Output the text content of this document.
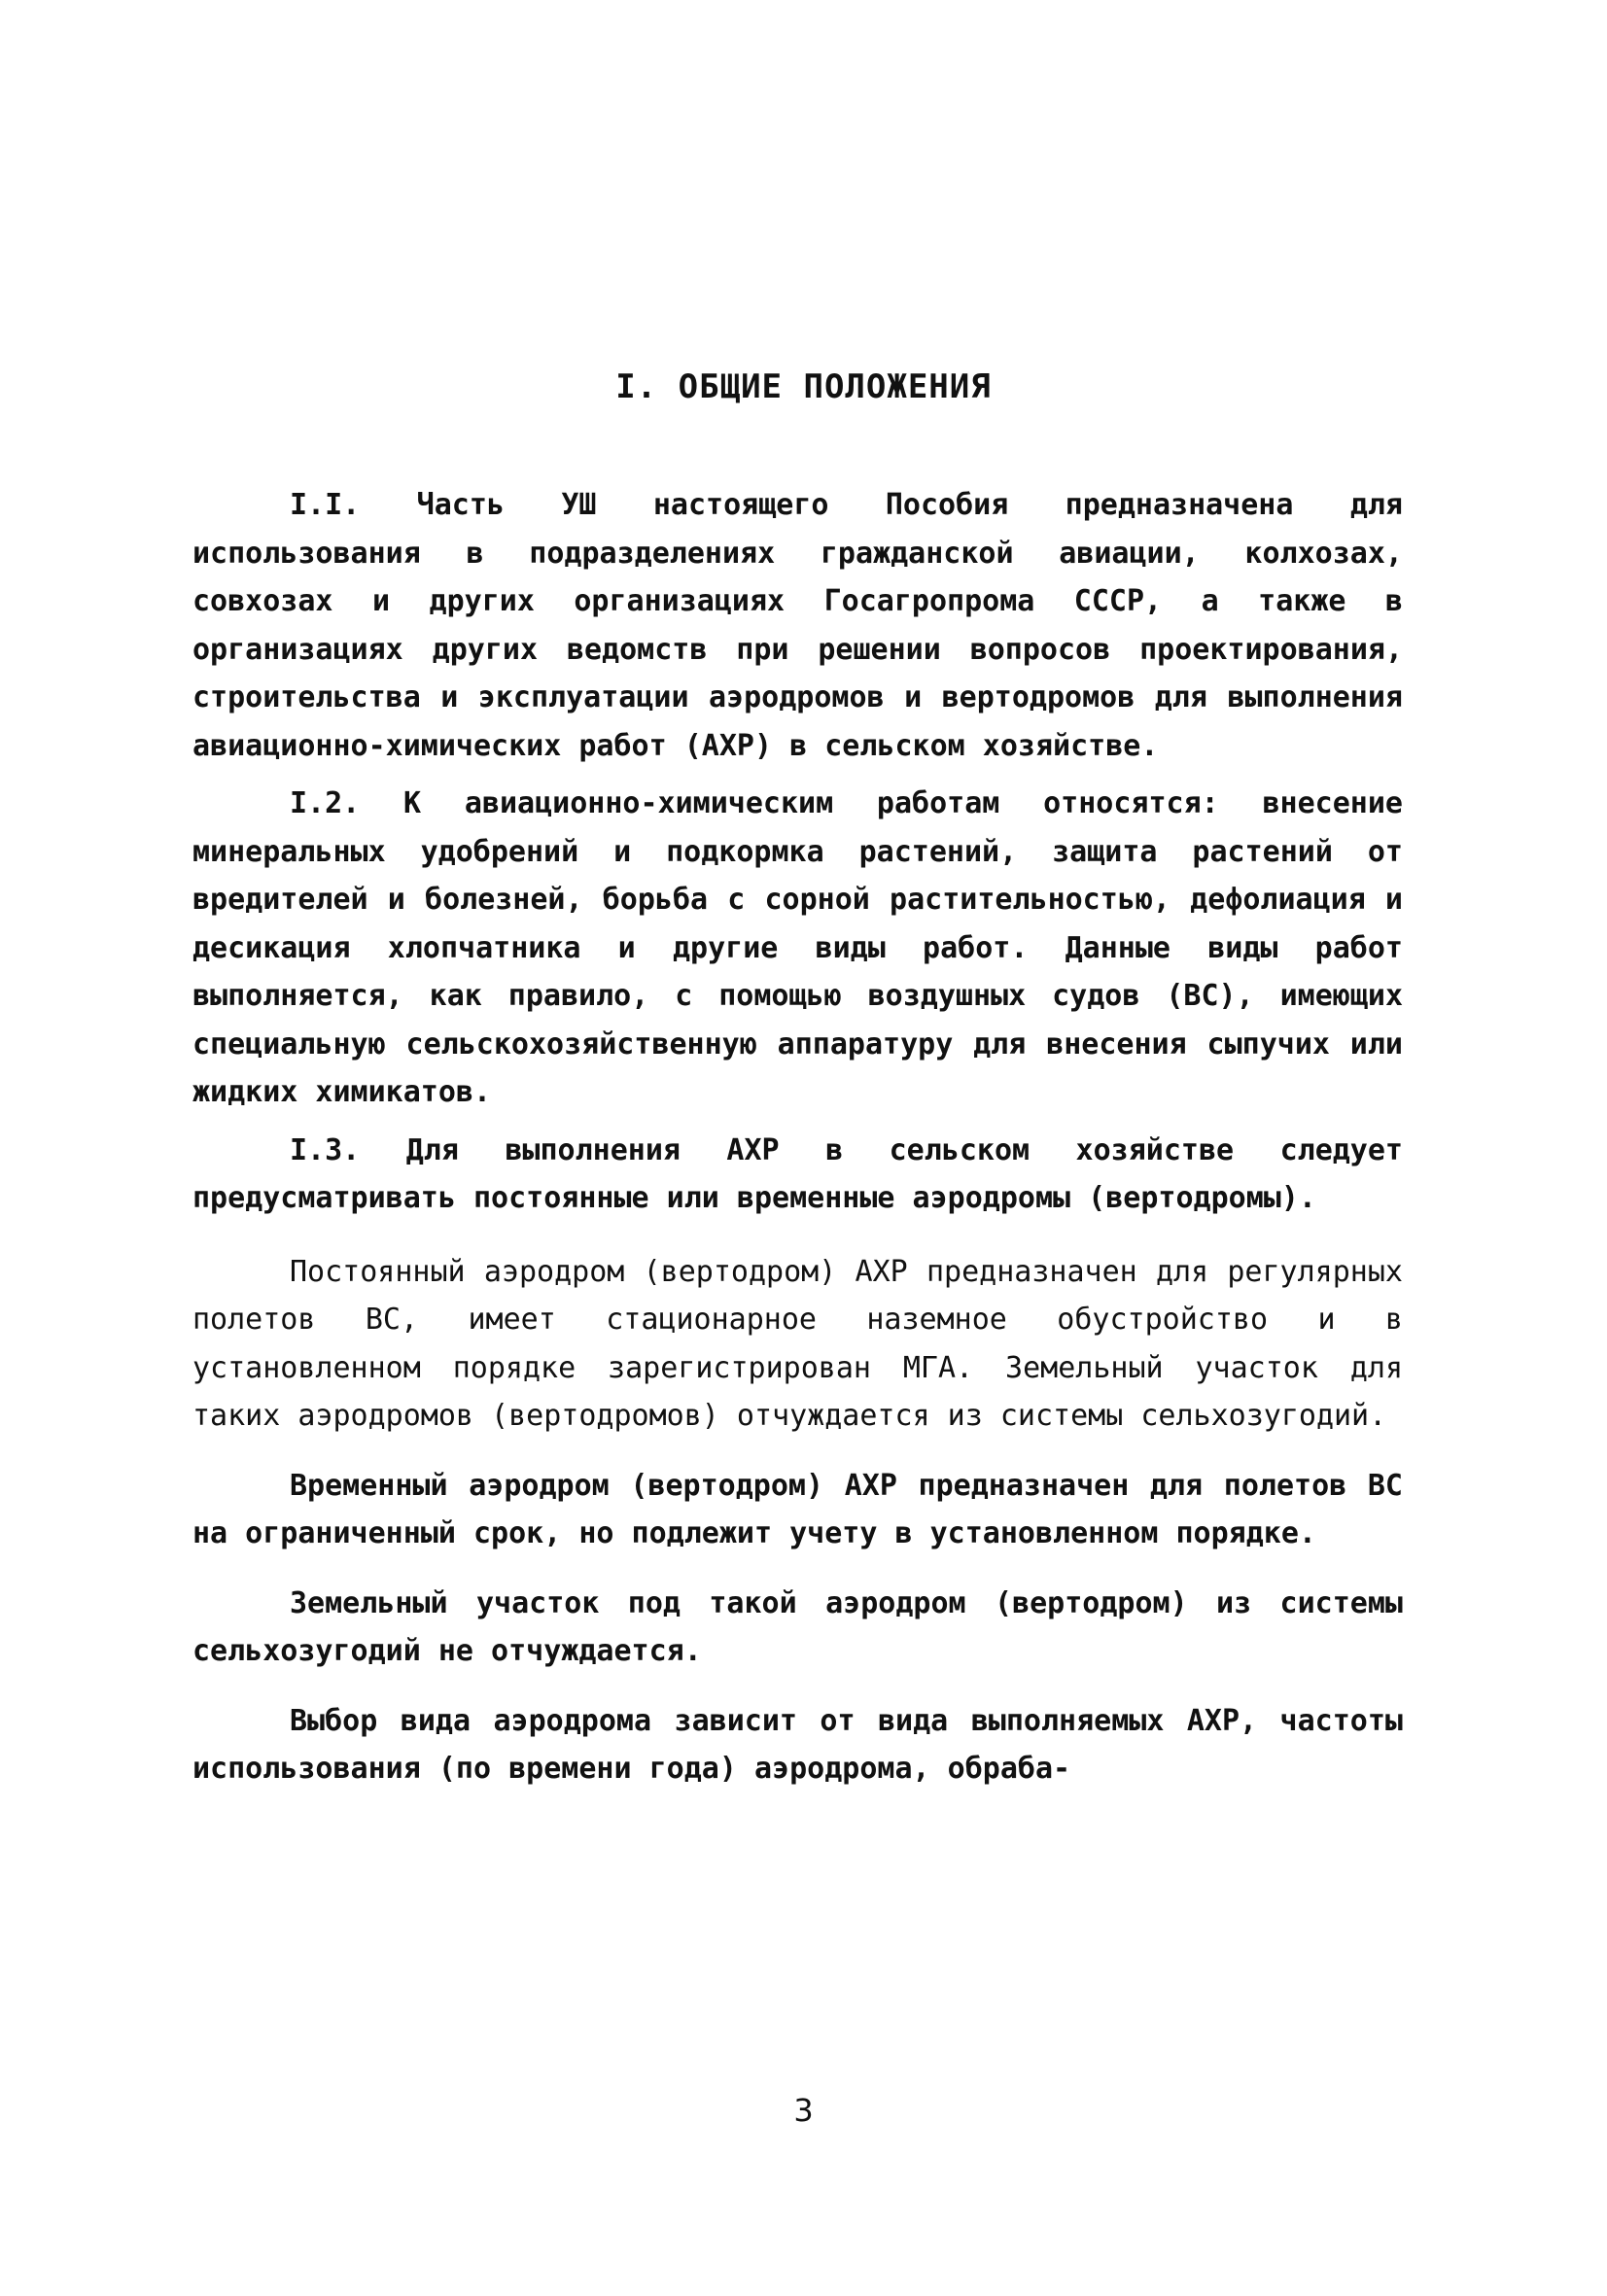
I. ОБЩИЕ ПОЛОЖЕНИЯ

I.I. Часть УШ настоящего Пособия предназначена для использования в подразделениях гражданской авиации, колхозах, совхозах и других организациях Госагропрома СССР, а также в организациях других ведомств при решении вопросов проектирования, строительства и эксплуатации аэродромов и вертодромов для выполнения авиационно-химических работ (АХР) в сельском хозяйстве.

I.2. К авиационно-химическим работам относятся: внесение минеральных удобрений и подкормка растений, защита растений от вредителей и болезней, борьба с сорной растительностью, дефолиация и десикация хлопчатника и другие виды работ. Данные виды работ выполняется, как правило, с помощью воздушных судов (ВС), имеющих специальную сельскохозяйственную аппаратуру для внесения сыпучих или жидких химикатов.

I.3. Для выполнения АХР в сельском хозяйстве следует предусматривать постоянные или временные аэродромы (вертодромы).

Постоянный аэродром (вертодром) АХР предназначен для регулярных полетов ВС, имеет стационарное наземное обустройство и в установленном порядке зарегистрирован МГА. Земельный участок для таких аэродромов (вертодромов) отчуждается из системы сельхозугодий.

Временный аэродром (вертодром) АХР предназначен для полетов ВС на ограниченный срок, но подлежит учету в установленном порядке.

Земельный участок под такой аэродром (вертодром) из системы сельхозугодий не отчуждается.

Выбор вида аэродрома зависит от вида выполняемых АХР, частоты использования (по времени года) аэродрома, обраба-

3
